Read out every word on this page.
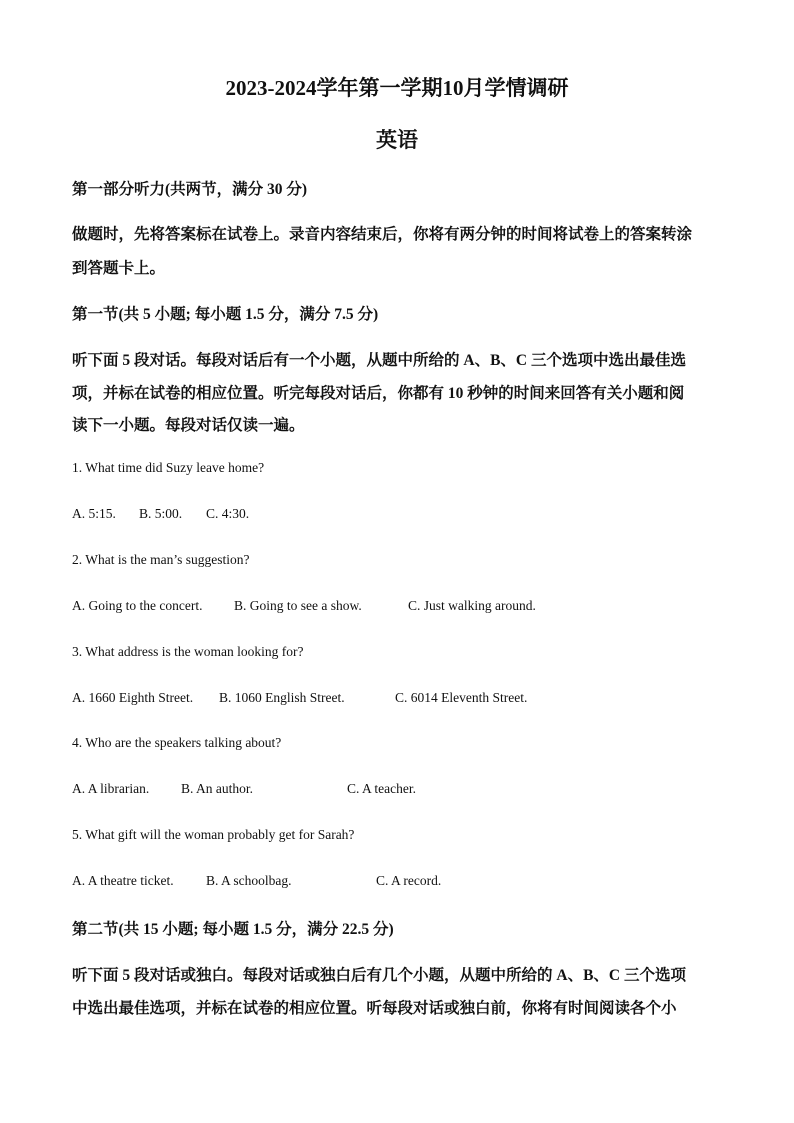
2023-2024学年第一学期10月学情调研
英语
第一部分听力(共两节，满分 30 分)
做题时，先将答案标在试卷上。录音内容结束后，你将有两分钟的时间将试卷上的答案转涂
到答题卡上。
第一节(共 5 小题; 每小题 1.5 分，满分 7.5 分)
听下面 5 段对话。每段对话后有一个小题，从题中所给的 A、B、C 三个选项中选出最佳选
项，并标在试卷的相应位置。听完每段对话后，你都有 10 秒钟的时间来回答有关小题和阅
读下一小题。每段对话仅读一遍。
1. What time did Suzy leave home?
A. 5:15. B. 5:00. C. 4:30.
2. What is the man’s suggestion?
A. Going to the concert. B. Going to see a show.	C. Just walking around.
3. What address is the woman looking for?
A. 1660 Eighth Street. B. 1060 English Street.	C. 6014 Eleventh Street.
4. Who are the speakers talking about?
A. A librarian. B. An author.	C. A teacher.
5. What gift will the woman probably get for Sarah?
A. A theatre ticket. B. A schoolbag.	C. A record.
第二节(共 15 小题; 每小题 1.5 分，满分 22.5 分)
听下面 5 段对话或独白。每段对话或独白后有几个小题，从题中所给的 A、B、C 三个选项
中选出最佳选项，并标在试卷的相应位置。听每段对话或独白前，你将有时间阅读各个小
